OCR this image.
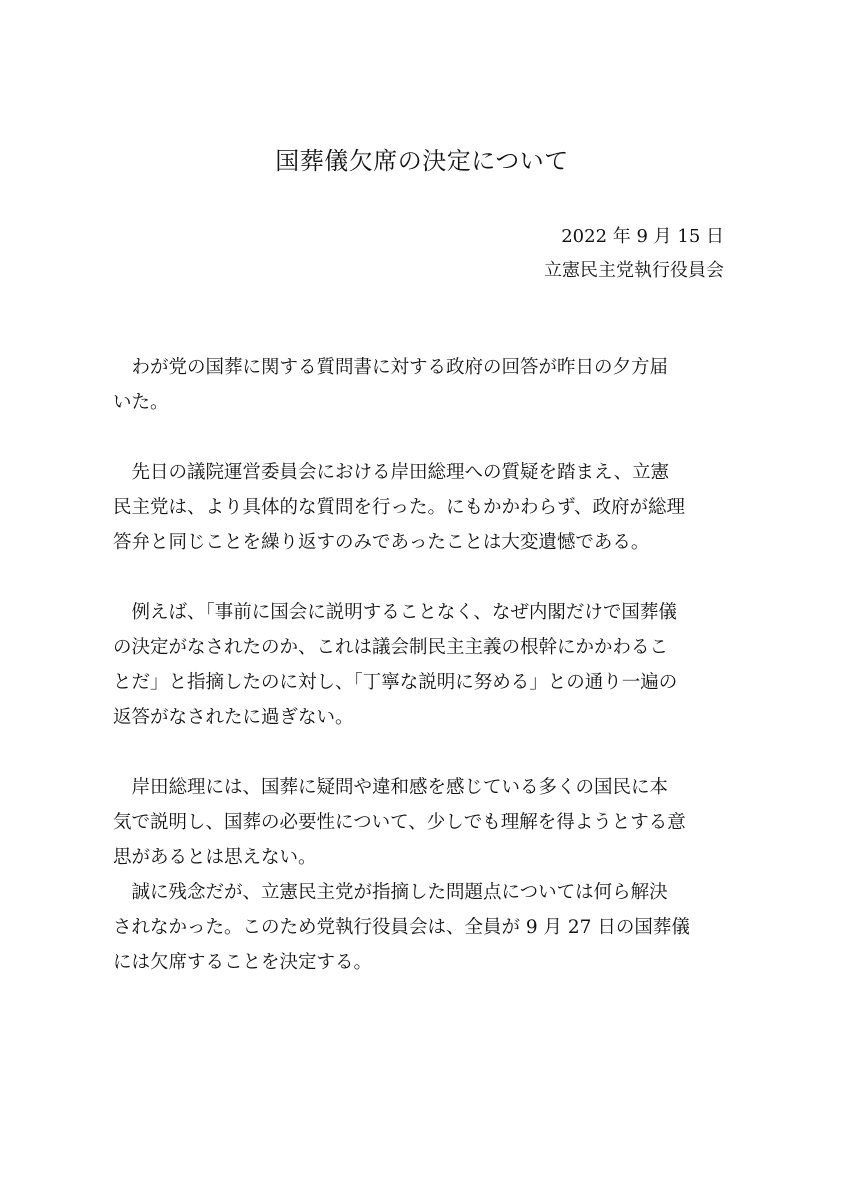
国葬儀欠席の決定について
2022 年 9 月 15 日
立憲民主党執行役員会

　わが党の国葬に関する質問書に対する政府の回答が昨日の夕方届
いた。

　先日の議院運営委員会における岸田総理への質疑を踏まえ、立憲
民主党は、より具体的な質問を行った。にもかかわらず、政府が総理
答弁と同じことを繰り返すのみであったことは大変遺憾である。

　例えば、「事前に国会に説明することなく、なぜ内閣だけで国葬儀
の決定がなされたのか、これは議会制民主主義の根幹にかかわるこ
とだ」と指摘したのに対し、「丁寧な説明に努める」との通り一遍の
返答がなされたに過ぎない。

　岸田総理には、国葬に疑問や違和感を感じている多くの国民に本
気で説明し、国葬の必要性について、少しでも理解を得ようとする意
思があるとは思えない。
　誠に残念だが、立憲民主党が指摘した問題点については何ら解決
されなかった。このため党執行役員会は、全員が 9 月 27 日の国葬儀
には欠席することを決定する。
